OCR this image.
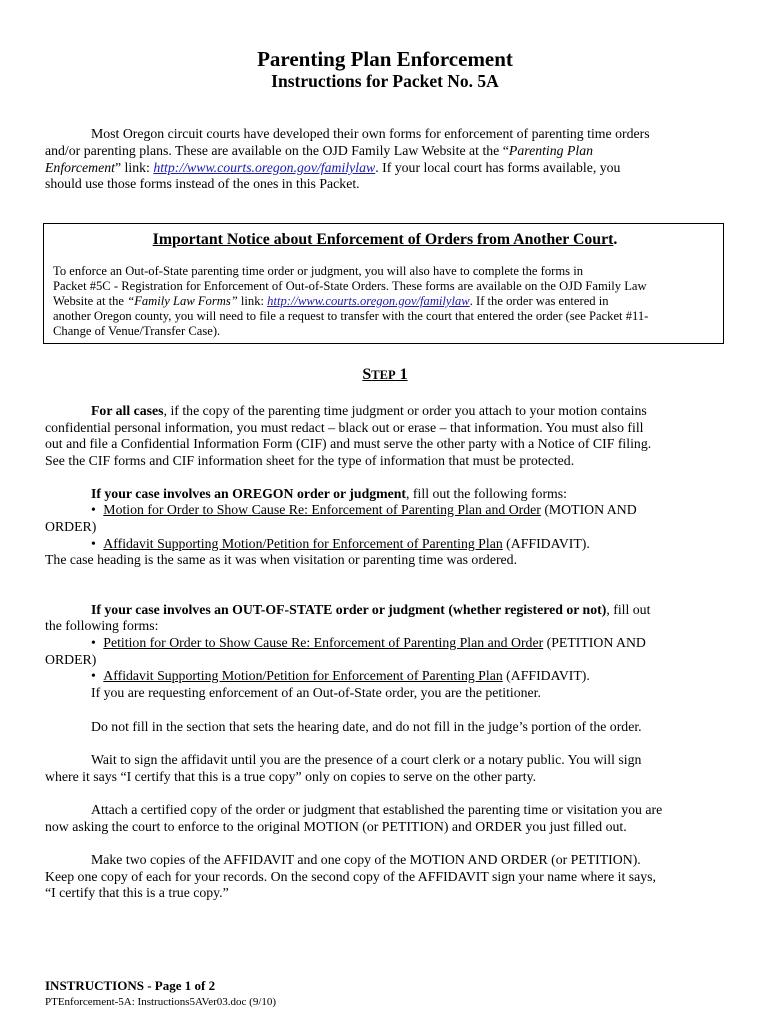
Parenting Plan Enforcement
Instructions for Packet No. 5A
Most Oregon circuit courts have developed their own forms for enforcement of parenting time orders
and/or parenting plans. These are available on the OJD Family Law Website at the “Parenting Plan
Enforcement” link: http://www.courts.oregon.gov/familylaw. If your local court has forms available, you
should use those forms instead of the ones in this Packet.
Important Notice about Enforcement of Orders from Another Court.
To enforce an Out-of-State parenting time order or judgment, you will also have to complete the forms in
Packet #5C - Registration for Enforcement of Out-of-State Orders. These forms are available on the OJD Family Law
Website at the “Family Law Forms” link: http://www.courts.oregon.gov/familylaw. If the order was entered in
another Oregon county, you will need to file a request to transfer with the court that entered the order (see Packet #11-
Change of Venue/Transfer Case).
STEP 1
For all cases, if the copy of the parenting time judgment or order you attach to your motion contains
confidential personal information, you must redact – black out or erase – that information. You must also fill
out and file a Confidential Information Form (CIF) and must serve the other party with a Notice of CIF filing.
See the CIF forms and CIF information sheet for the type of information that must be protected.
If your case involves an OREGON order or judgment, fill out the following forms:
• Motion for Order to Show Cause Re: Enforcement of Parenting Plan and Order (MOTION AND
ORDER)
• Affidavit Supporting Motion/Petition for Enforcement of Parenting Plan (AFFIDAVIT).
The case heading is the same as it was when visitation or parenting time was ordered.
If your case involves an OUT-OF-STATE order or judgment (whether registered or not), fill out
the following forms:
• Petition for Order to Show Cause Re: Enforcement of Parenting Plan and Order (PETITION AND
ORDER)
• Affidavit Supporting Motion/Petition for Enforcement of Parenting Plan (AFFIDAVIT).
If you are requesting enforcement of an Out-of-State order, you are the petitioner.
Do not fill in the section that sets the hearing date, and do not fill in the judge’s portion of the order.
Wait to sign the affidavit until you are the presence of a court clerk or a notary public. You will sign
where it says “I certify that this is a true copy” only on copies to serve on the other party.
Attach a certified copy of the order or judgment that established the parenting time or visitation you are
now asking the court to enforce to the original MOTION (or PETITION) and ORDER you just filled out.
Make two copies of the AFFIDAVIT and one copy of the MOTION AND ORDER (or PETITION).
Keep one copy of each for your records. On the second copy of the AFFIDAVIT sign your name where it says,
“I certify that this is a true copy.”
INSTRUCTIONS - Page 1 of 2
PTEnforcement-5A: Instructions5AVer03.doc (9/10)
